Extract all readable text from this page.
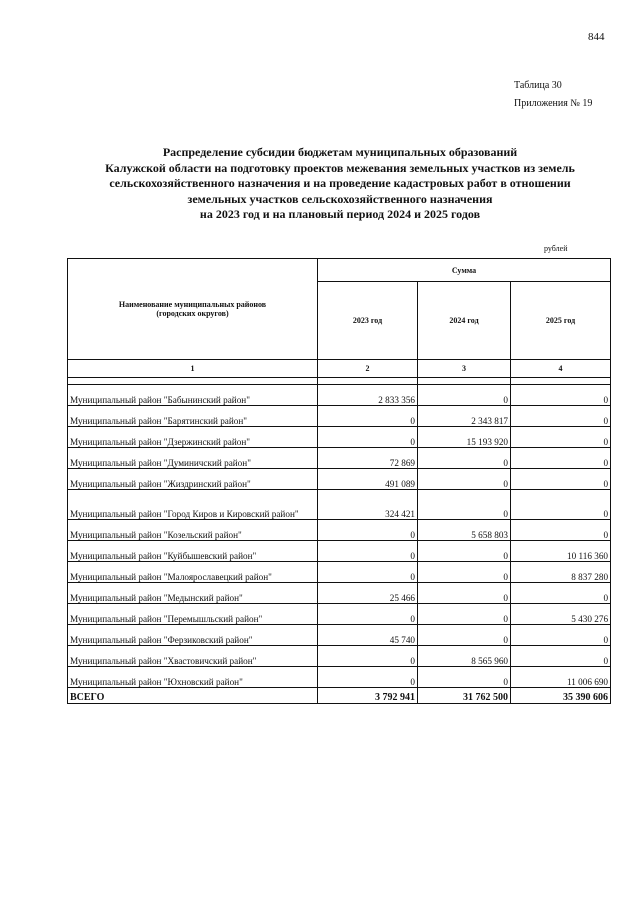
844
Таблица 30
Приложения № 19
Распределение субсидии бюджетам муниципальных образований
Калужской области на подготовку проектов межевания земельных участков из земель
сельскохозяйственного назначения и на проведение кадастровых работ в отношении
земельных участков сельскохозяйственного назначения
на 2023 год и на плановый период 2024 и 2025 годов
рублей
Наименование муниципальных районов
(городских округов)	Сумма		
	2023 год	2024 год	2025 год
1	2	3	4

Муниципальный район "Бабынинский район"	2 833 356	0	0
Муниципальный район "Барятинский район"	0	2 343 817	0
Муниципальный район "Дзержинский район"	0	15 193 920	0
Муниципальный район "Думиничский район"	72 869	0	0
Муниципальный район "Жиздринский район"	491 089	0	0
Муниципальный район "Город Киров и Кировский район"	324 421	0	0
Муниципальный район "Козельский район"	0	5 658 803	0
Муниципальный район "Куйбышевский район"	0	0	10 116 360
Муниципальный район "Малоярославецкий район"	0	0	8 837 280
Муниципальный район "Медынский район"	25 466	0	0
Муниципальный район "Перемышльский район"	0	0	5 430 276
Муниципальный район "Ферзиковский район"	45 740	0	0
Муниципальный район "Хвастовичский район"	0	8 565 960	0
Муниципальный район "Юхновский район"	0	0	11 006 690
ВСЕГО	3 792 941	31 762 500	35 390 606
